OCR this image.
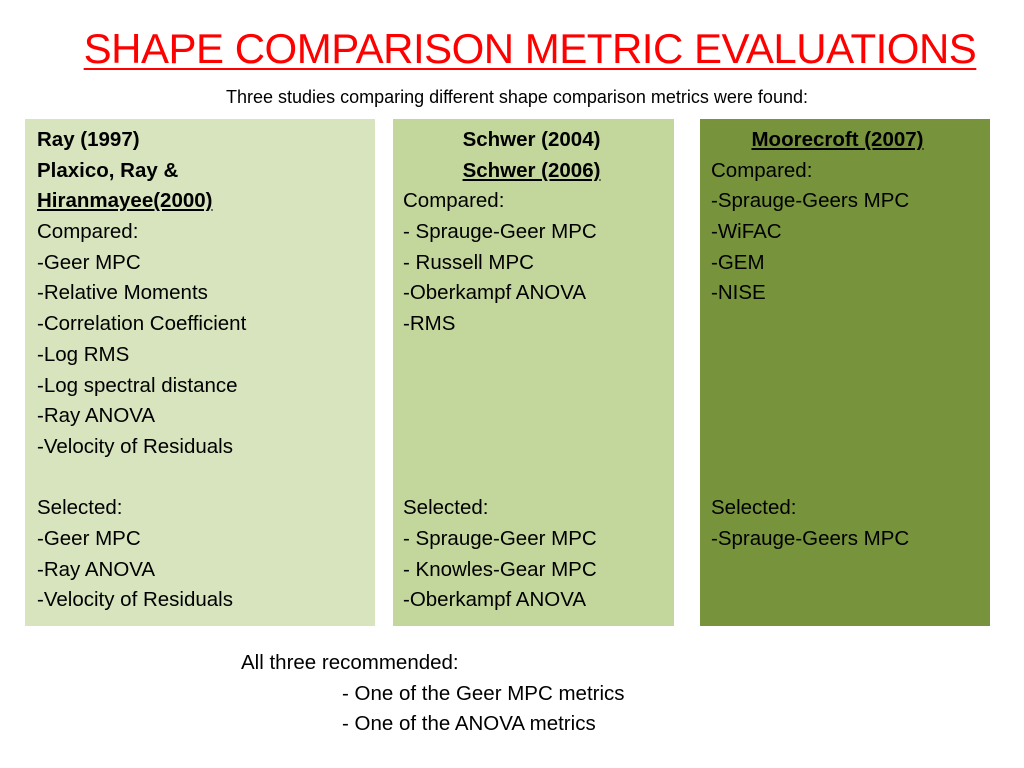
SHAPE COMPARISON METRIC EVALUATIONS
Three studies comparing different shape comparison metrics were found:
Ray (1997)
Plaxico, Ray &
Hiranmayee(2000)
Compared:
-Geer MPC
-Relative Moments
-Correlation Coefficient
-Log RMS
-Log spectral distance
-Ray ANOVA
-Velocity of Residuals
Selected:
-Geer MPC
-Ray ANOVA
-Velocity of Residuals
Schwer (2004)
Schwer (2006)
Compared:
- Sprauge-Geer MPC
- Russell MPC
-Oberkampf ANOVA
-RMS
Selected:
- Sprauge-Geer MPC
- Knowles-Gear MPC
-Oberkampf ANOVA
Moorecroft (2007)
Compared:
-Sprauge-Geers MPC
-WiFAC
-GEM
-NISE
Selected:
-Sprauge-Geers MPC
All three recommended:
- One of the Geer MPC metrics
- One of the ANOVA metrics
